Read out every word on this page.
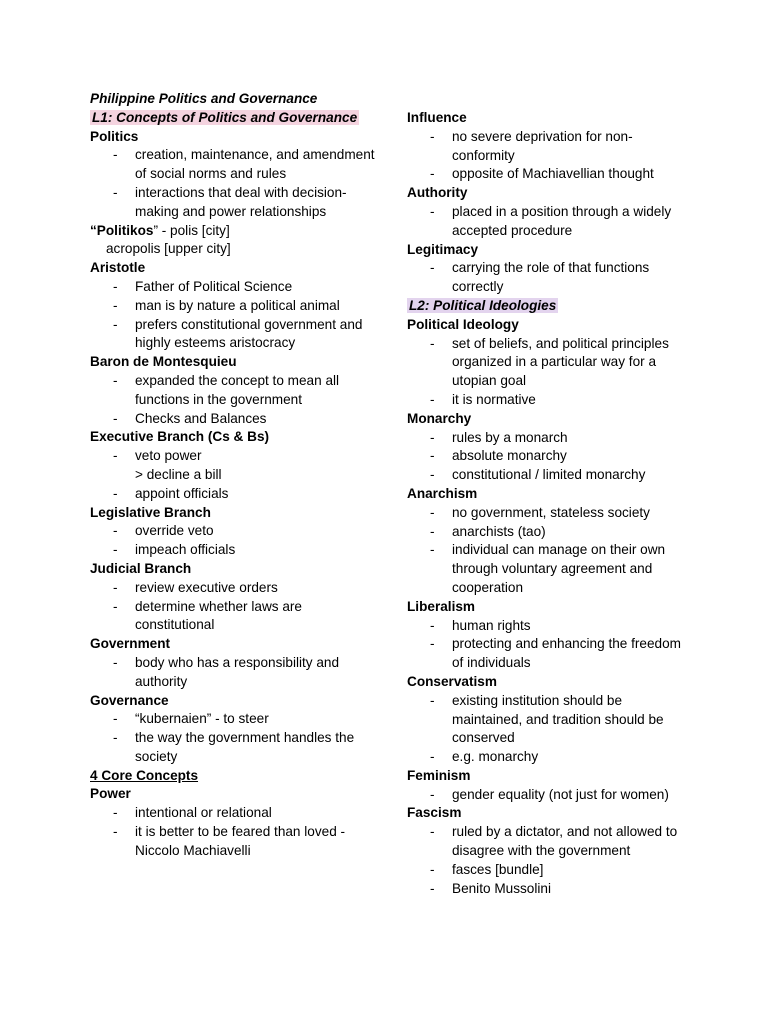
Philippine Politics and Governance
L1: Concepts of Politics and Governance
Politics
-	creation, maintenance, and amendment of social norms and rules
-	interactions that deal with decision-making and power relationships
“Politikos” - polis [city]
acropolis [upper city]
Aristotle
-	Father of Political Science
-	man is by nature a political animal
-	prefers constitutional government and highly esteems aristocracy
Baron de Montesquieu
-	expanded the concept to mean all functions in the government
-	Checks and Balances
Executive Branch (Cs & Bs)
-	veto power
> decline a bill
-	appoint officials
Legislative Branch
-	override veto
-	impeach officials
Judicial Branch
-	review executive orders
-	determine whether laws are constitutional
Government
-	body who has a responsibility and authority
Governance
-	“kubernaien” - to steer
-	the way the government handles the society
4 Core Concepts
Power
-	intentional or relational
-	it is better to be feared than loved - Niccolo Machiavelli
Influence
-	no severe deprivation for non-conformity
-	opposite of Machiavellian thought
Authority
-	placed in a position through a widely accepted procedure
Legitimacy
-	carrying the role of that functions correctly
L2: Political Ideologies
Political Ideology
-	set of beliefs, and political principles organized in a particular way for a utopian goal
-	it is normative
Monarchy
-	rules by a monarch
-	absolute monarchy
-	constitutional / limited monarchy
Anarchism
-	no government, stateless society
-	anarchists (tao)
-	individual can manage on their own through voluntary agreement and cooperation
Liberalism
-	human rights
-	protecting and enhancing the freedom of individuals
Conservatism
-	existing institution should be maintained, and tradition should be conserved
-	e.g. monarchy
Feminism
-	gender equality (not just for women)
Fascism
-	ruled by a dictator, and not allowed to disagree with the government
-	fasces [bundle]
-	Benito Mussolini
